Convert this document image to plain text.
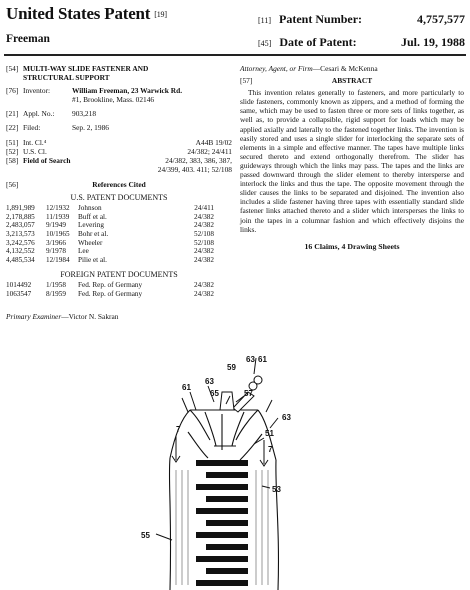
United States Patent [19]
Freeman
[11] Patent Number:	4,757,577
[45] Date of Patent:	Jul. 19, 1988
[54] MULTI-WAY SLIDE FASTENER AND
STRUCTURAL SUPPORT
[76] Inventor:	William Freeman, 23 Warwick Rd.
#1, Brookline, Mass. 02146
[21] Appl. No.:	903,218
[22] Filed:	Sep. 2, 1986
[51] Int. Cl.⁴	A44B 19/02
[52] U.S. Cl.	24/382; 24/411
[58] Field of Search	24/382, 383, 386, 387,
24/399, 403. 411; 52/108
[56]	References Cited
U.S. PATENT DOCUMENTS
1,891,989	12/1932	Johnson	24/411
2,178,885	11/1939	Buff et al.	24/382
2,483,057	9/1949	Levering	24/382
3,213,573	10/1965	Bohr et al.	52/108
3,242,576	3/1966	Wheeler	52/108
4,132,552	9/1978	Lee	24/382
4,485,534	12/1984	Pilie et al.	24/382
FOREIGN PATENT DOCUMENTS
1014492	1/1958	Fed. Rep. of Germany	24/382
1063547	8/1959	Fed. Rep. of Germany	24/382
Primary Examiner—Victor N. Sakran
Attorney, Agent, or Firm—Cesari & McKenna
[57]	ABSTRACT
This invention relates generally to fasteners, and more particularly to slide fasteners, commonly known as zippers, and a method of forming the same, which may be used to fasten three or more sets of links together, as well as, to provide a collapsible, rigid support for loads which may be applied axially and laterally to the fastened together links. The invention is easily stored and uses a single slider for interlocking the separate sets of elements in a simple and effective manner. The tapes have multiple links secured thereto and extend orthogonally therefrom. The slider has guideways through which the links may pass. The tapes and the links are passed downward through the slider element to thereby intersperse and interlock the links and thus the tape. The opposite movement through the slider causes the links to be separated and disjoined. The invention also includes a slide fastener having three tapes with essentially standard slide fastener links attached thereto and a slider which intersperses the links to join the tapes in a columnar fashion and which effectively disjoins the links.
16 Claims, 4 Drawing Sheets
63
61
59
63
65	57
61
63
51
7
7
53
55
